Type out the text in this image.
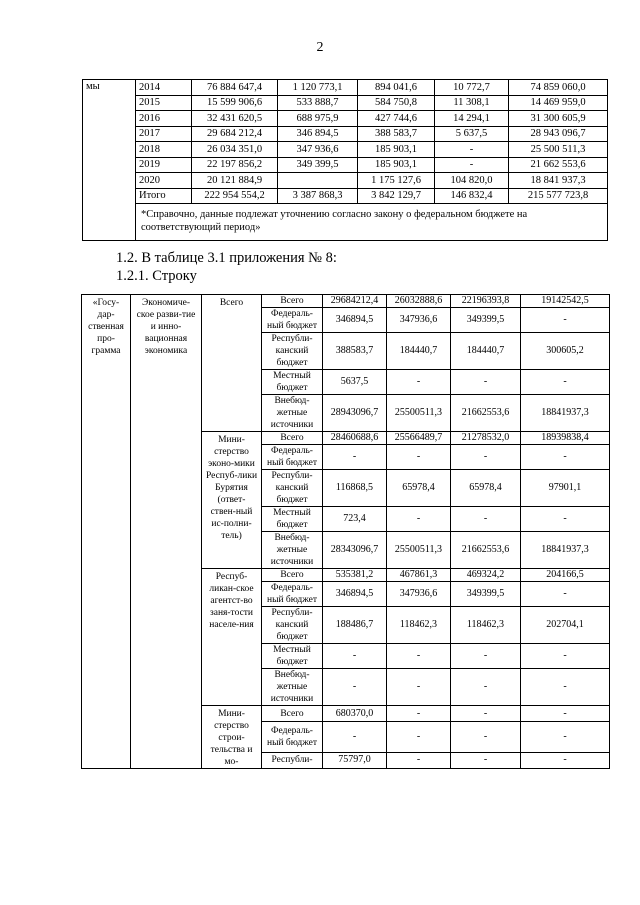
2
мы	2014	76 884 647,4	1 120 773,1	894 041,6	10 772,7	74 859 060,0
	2015	15 599 906,6	533 888,7	584 750,8	11 308,1	14 469 959,0
	2016	32 431 620,5	688 975,9	427 744,6	14 294,1	31 300 605,9
	2017	29 684 212,4	346 894,5	388 583,7	5 637,5	28 943 096,7
	2018	26 034 351,0	347 936,6	185 903,1	-	25 500 511,3
	2019	22 197 856,2	349 399,5	185 903,1	-	21 662 553,6
	2020	20 121 884,9		1 175 127,6	104 820,0	18 841 937,3
	Итого	222 954 554,2	3 387 868,3	3 842 129,7	146 832,4	215 577 723,8
	*Справочно, данные подлежат уточнению согласно закону о федеральном бюджете на соответствующий период»					
1.2. В таблице 3.1 приложения № 8:
1.2.1. Строку
«Госу-дар-ственная про-грамма	Экономиче-ское разви-тие и инно-вационная экономика	Всего	Всего	29684212,4	26032888,6	22196393,8	19142542,5
			Федераль-ный бюджет	346894,5	347936,6	349399,5	-
			Республи-канский бюджет	388583,7	184440,7	184440,7	300605,2
			Местный бюджет	5637,5	-	-	-
			Внебюд-жетные источники	28943096,7	25500511,3	21662553,6	18841937,3
		Мини-стерство эконо-мики Респуб-лики Бурятия (ответ-ствен-ный ис-полни-тель)	Всего	28460688,6	25566489,7	21278532,0	18939838,4
			Федераль-ный бюджет	-	-	-	-
			Республи-канский бюджет	116868,5	65978,4	65978,4	97901,1
			Местный бюджет	723,4	-	-	-
			Внебюд-жетные источники	28343096,7	25500511,3	21662553,6	18841937,3
		Респуб-ликан-ское агентст-во заня-тости населе-ния	Всего	535381,2	467861,3	469324,2	204166,5
			Федераль-ный бюджет	346894,5	347936,6	349399,5	-
			Республи-канский бюджет	188486,7	118462,3	118462,3	202704,1
			Местный бюджет	-	-	-	-
			Внебюд-жетные источники	-	-	-	-
		Мини-стерство строи-тельства и мо-	Всего	680370,0	-	-	-
			Федераль-ный бюджет	-	-	-	-
			Республи-	75797,0	-	-	-
